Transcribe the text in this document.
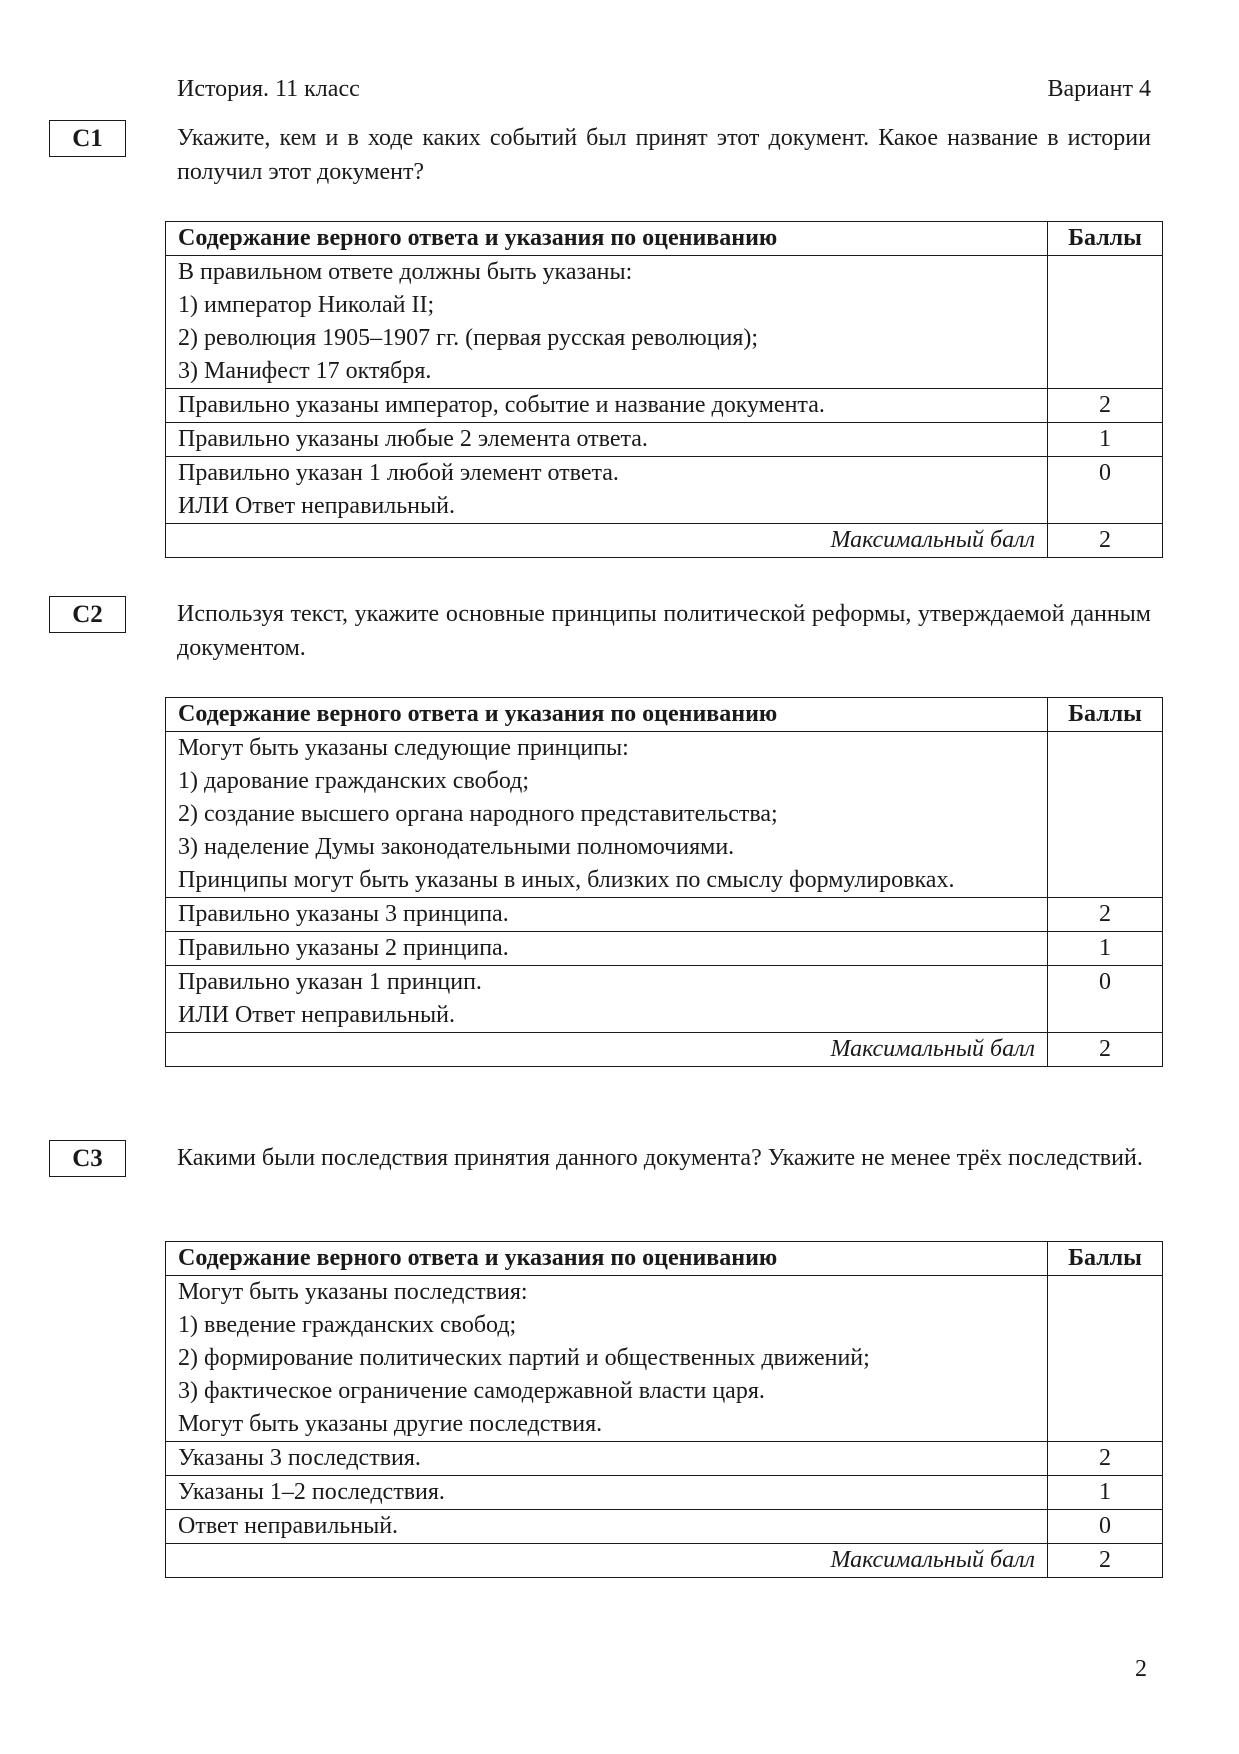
История. 11 класс	Вариант 4
С1	Укажите, кем и в ходе каких событий был принят этот документ. Какое название в истории получил этот документ?

Содержание верного ответа и указания по оцениванию	Баллы

В правильном ответе должны быть указаны:
1) император Николай II;
2) революция 1905–1907 гг. (первая русская революция);
3) Манифест 17 октября.	

Правильно указаны император, событие и название документа.	2
Правильно указаны любые 2 элемента ответа.	1

Правильно указан 1 любой элемент ответа.
ИЛИ Ответ неправильный.	0
Максимальный балл	2
С2	Используя текст, укажите основные принципы политической реформы, утверждаемой данным документом.

Содержание верного ответа и указания по оцениванию	Баллы

Могут быть указаны следующие принципы:
1) дарование гражданских свобод;
2) создание высшего органа народного представительства;
3) наделение Думы законодательными полномочиями.
Принципы могут быть указаны в иных, близких по смыслу формулировках.	

Правильно указаны 3 принципа.	2
Правильно указаны 2 принципа.	1

Правильно указан 1 принцип.
ИЛИ Ответ неправильный.	0
Максимальный балл	2
С3	Какими были последствия принятия данного документа? Укажите не менее трёх последствий.

Содержание верного ответа и указания по оцениванию	Баллы

Могут быть указаны последствия:
1) введение гражданских свобод;
2) формирование политических партий и общественных движений;
3) фактическое ограничение самодержавной власти царя.
Могут быть указаны другие последствия.	

Указаны 3 последствия.	2
Указаны 1–2 последствия.	1
Ответ неправильный.	0
Максимальный балл	2
2
